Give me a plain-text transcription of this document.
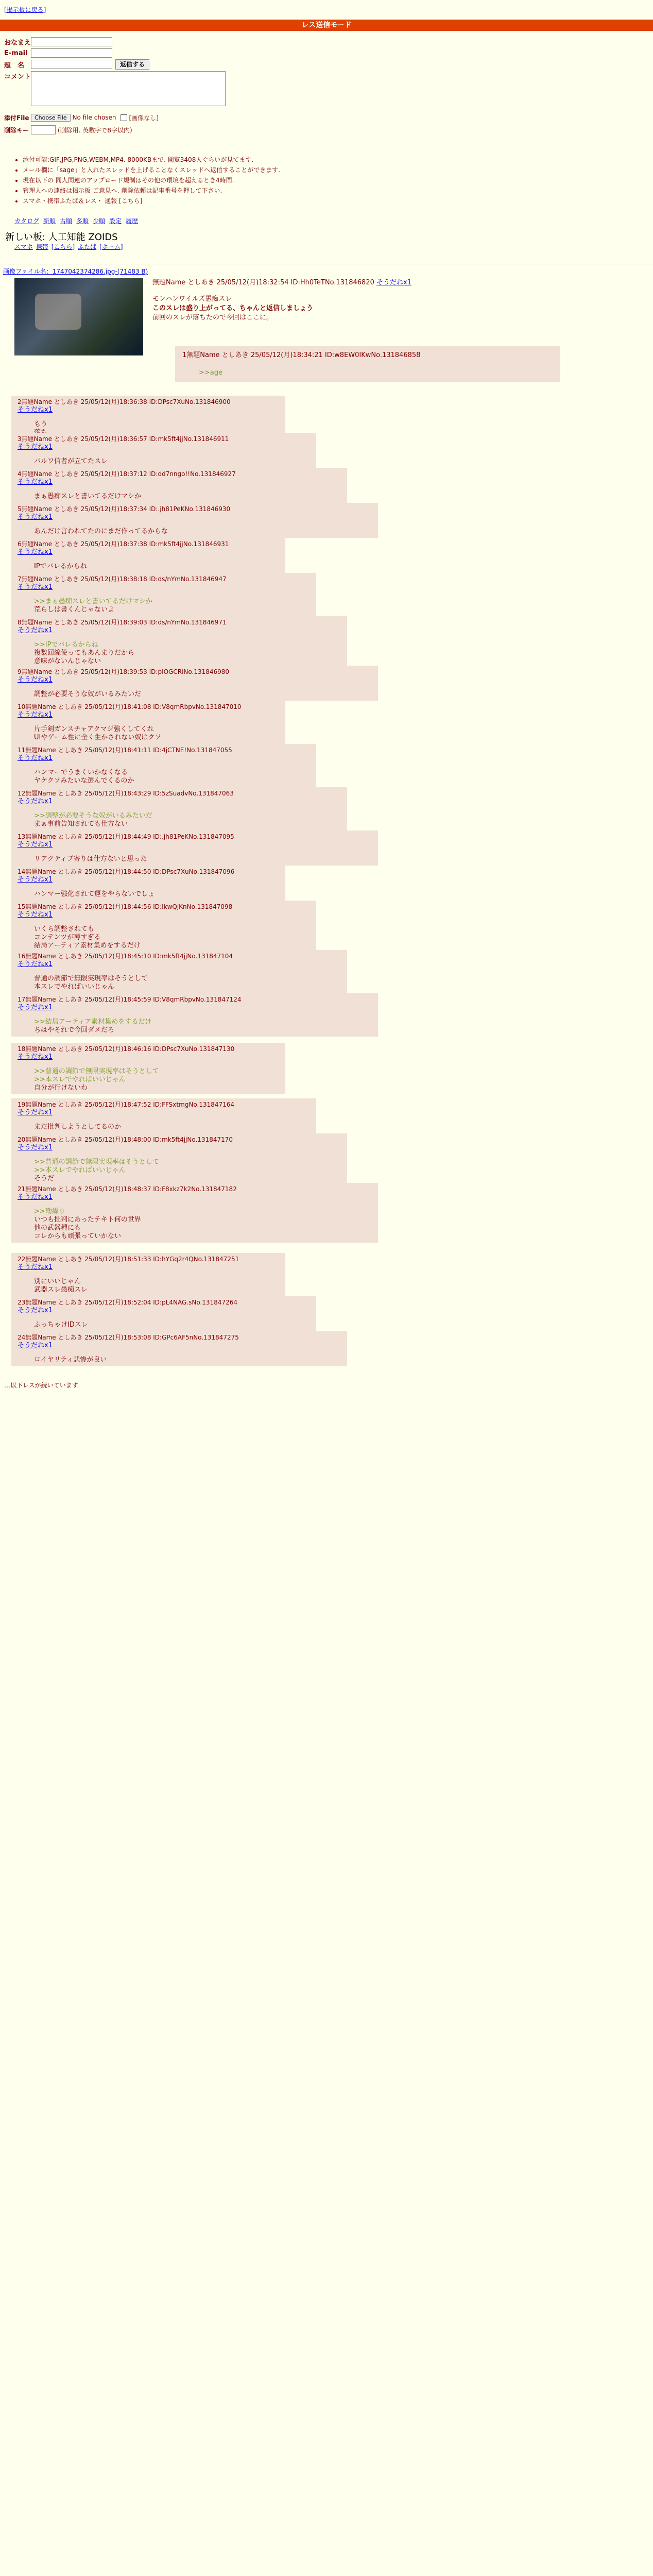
[掲示板に戻る]
レス送信モード
おなまえ
E-mail
題　名	返信する
コメント
添付File Choose File No file chosen [画像なし]
削除キー	(削除用. 英数字で8字以内)
• 添付可能:GIF,JPG,PNG,WEBM,MP4. 8000KBまで. 閲覧3408人ぐらいが見てます.
• メール欄に「sage」と入れたスレッドを上げることなくスレッドへ返信することができます.
• 現在以下の 同人関連のアップロード規制はその他の環境を超えるとき4時間.
• 管理人への連絡は掲示板 ご意見へ. 削除依頼は記事番号を押して下さい.
• スマホ・携帯ふたば＆レス・ 通報 [こちら]
カタログ 新順 古順 多順 少順 設定 履歴
新しい板: 人工知能 ZOIDS
スマホ 携帯 [こちら] ふたば [ホーム]
画像ファイル名：1747042374286.jpg-(71483 B)
無題Name としあき 25/05/12(月)18:32:54 ID:Hh0TeTNo.131846820 そうだねx1

モンハンワイルズ愚痴スレ

このスレは盛り上がってる、ちゃんと返信しましょう

前回のスレが落ちたので今回はここに。

1無題Name としあき 25/05/12(月)18:34:21 ID:w8EW0IKwNo.131846858
>>age
2無題Name としあき 25/05/12(月)18:36:38 ID:DPsc7XuNo.131846900
そうだねx1
もう
3無題Name としあき 25/05/12(月)18:36:57 ID:mk5ft4jjNo.131846911
そうだねx1
パルワ信者が立てたスレ
4無題Name としあき 25/05/12(月)18:37:12 ID:dd7nngo!!No.131846927
そうだねx1
まぁ愚痴スレと書いてるだけマシか
5無題Name としあき 25/05/12(月)18:37:34 ID:.jh81PeKNo.131846930
そうだねx1
あんだけ言われてたのにまだ作ってるからな
6無題Name としあき 25/05/12(月)18:37:38 ID:mk5ft4jjNo.131846931
そうだねx1
IPでバレるからね
7無題Name としあき 25/05/12(月)18:38:18 ID:ds/nYmNo.131846947
そうだねx1
>>まぁ愚痴スレと書いてるだけマシか
荒らしは書くんじゃないよ
8無題Name としあき 25/05/12(月)18:39:03 ID:ds/nYmNo.131846971
そうだねx1
>>IPでバレるからね
複数回線使ってもあんまりだから
意味がないんじゃない
9無題Name としあき 25/05/12(月)18:39:53 ID:pIOGCRiNo.131846980
そうだねx1
調整が必要そうな奴がいるみたいだ
10無題Name としあき 25/05/12(月)18:41:08 ID:V8qmRbpvNo.131847010
そうだねx1
片手剣ガンスチャアクマジ強くしてくれ
UIやゲーム性に全く生かされない奴はクソ
11無題Name としあき 25/05/12(月)18:41:11 ID:4jCTNE!No.131847055
そうだねx1
ハンマーでうまくいかなくなる
ヤケクソみたいな選んでくるのか
12無題Name としあき 25/05/12(月)18:43:29 ID:5zSuadvNo.131847063
そうだねx1
>>調整が必要そうな奴がいるみたいだ
まぁ事前告知されても仕方ない
13無題Name としあき 25/05/12(月)18:44:49 ID:.jh81PeKNo.131847095
そうだねx1
リアクティブ寄りは仕方ないと思った
14無題Name としあき 25/05/12(月)18:44:50 ID:DPsc7XuNo.131847096
そうだねx1
ハンマー強化されて運をやらないでしょ
15無題Name としあき 25/05/12(月)18:44:56 ID:IkwQjKnNo.131847098
そうだねx1
いくら調整されても
コンテンツが薄すぎる
結局アーティア素材集めをするだけ
16無題Name としあき 25/05/12(月)18:45:10 ID:mk5ft4jjNo.131847104
そうだねx1
普通の調節で無限実現率はそうとして
本スレでやればいいじゃん
17無題Name としあき 25/05/12(月)18:45:59 ID:V8qmRbpvNo.131847124
そうだねx1
>>結局アーティア素材集めをするだけ
ちはやそれで今回ダメだろ
18無題Name としあき 25/05/12(月)18:46:16 ID:DPsc7XuNo.131847130
そうだねx1
>>普通の調節で無限実現率はそうとして
>>本スレでやればいいじゃん
自分が行けないわ
19無題Name としあき 25/05/12(月)18:47:52 ID:FFSxtmgNo.131847164
そうだねx1
まだ批判しようとしてるのか
20無題Name としあき 25/05/12(月)18:48:00 ID:mk5ft4jjNo.131847170
そうだねx1
>>普通の調節で無限実現率はそうとして
>>本スレでやればいいじゃん
そうだ
21無題Name としあき 25/05/12(月)18:48:37 ID:F8xkz7k2No.131847182
そうだねx1
>>勘繰り
いつも批判にあったテキト何の世界
他の武器種にも
コレからも頑張っていかない
22無題Name としあき 25/05/12(月)18:51:33 ID:hYGq2r4QNo.131847251
そうだねx1
別にいいじゃん
武器スレ愚痴スレ
23無題Name としあき 25/05/12(月)18:52:04 ID:pL4NAG.sNo.131847264
そうだねx1
ふっちゃけIDスレ
24無題Name としあき 25/05/12(月)18:53:08 ID:GPc6AF5nNo.131847275
そうだねx1
ロイヤリティ悲惨が良い
…以下レスが続いています
